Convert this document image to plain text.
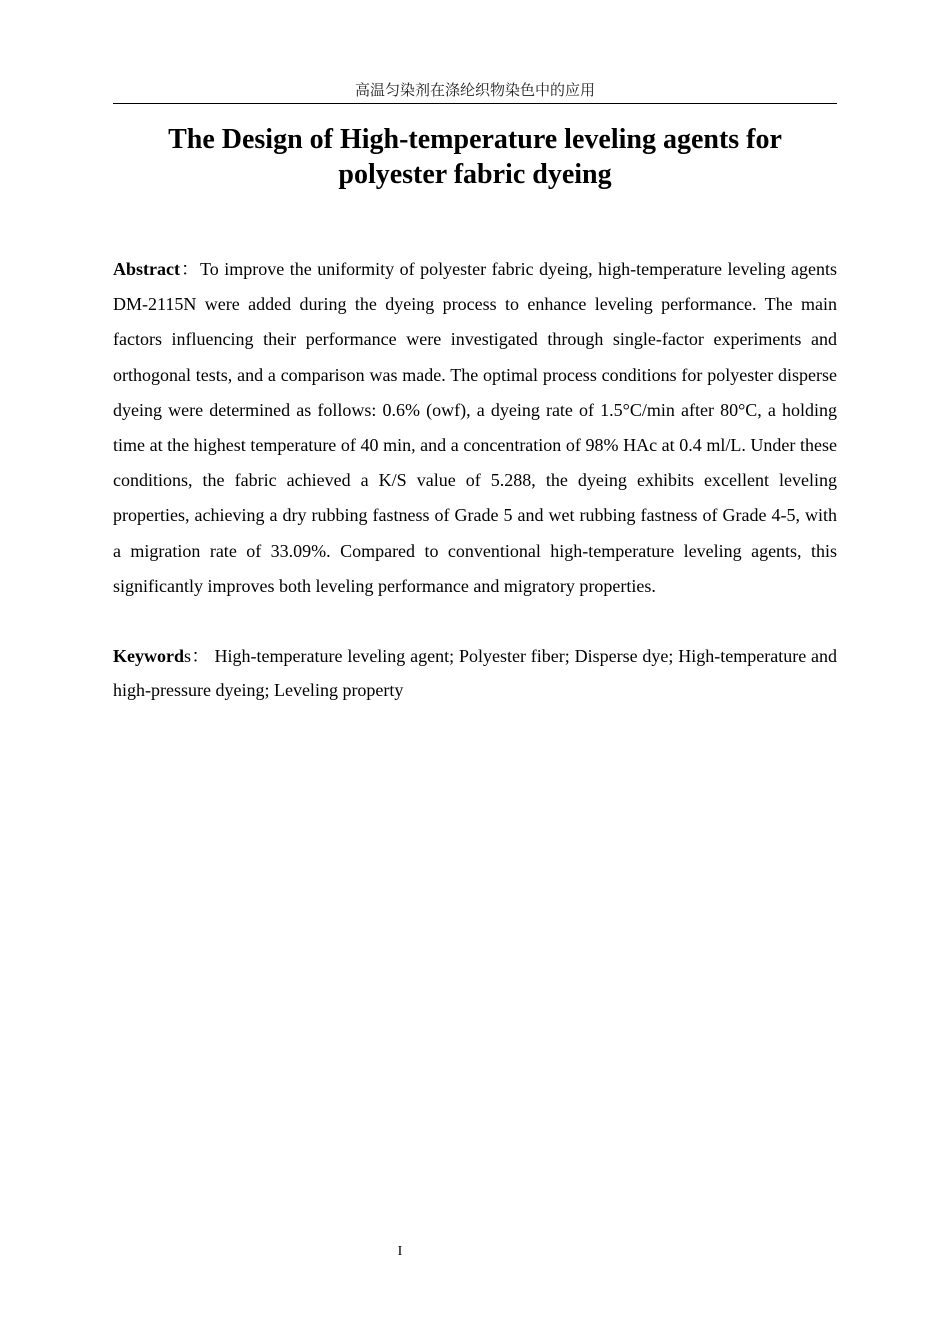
高温匀染剂在涤纶织物染色中的应用
The Design of High-temperature leveling agents for polyester fabric dyeing

Abstract：To improve the uniformity of polyester fabric dyeing, high-temperature leveling agents DM-2115N were added during the dyeing process to enhance leveling performance. The main factors influencing their performance were investigated through single-factor experiments and orthogonal tests, and a comparison was made. The optimal process conditions for polyester disperse dyeing were determined as follows: 0.6% (owf), a dyeing rate of 1.5°C/min after 80°C, a holding time at the highest temperature of 40 min, and a concentration of 98% HAc at 0.4 ml/L. Under these conditions, the fabric achieved a K/S value of 5.288, the dyeing exhibits excellent leveling properties, achieving a dry rubbing fastness of Grade 5 and wet rubbing fastness of Grade 4-5, with a migration rate of 33.09%. Compared to conventional high-temperature leveling agents, this significantly improves both leveling performance and migratory properties.

Keywords： High-temperature leveling agent; Polyester fiber; Disperse dye; High-temperature and high-pressure dyeing; Leveling property

I
